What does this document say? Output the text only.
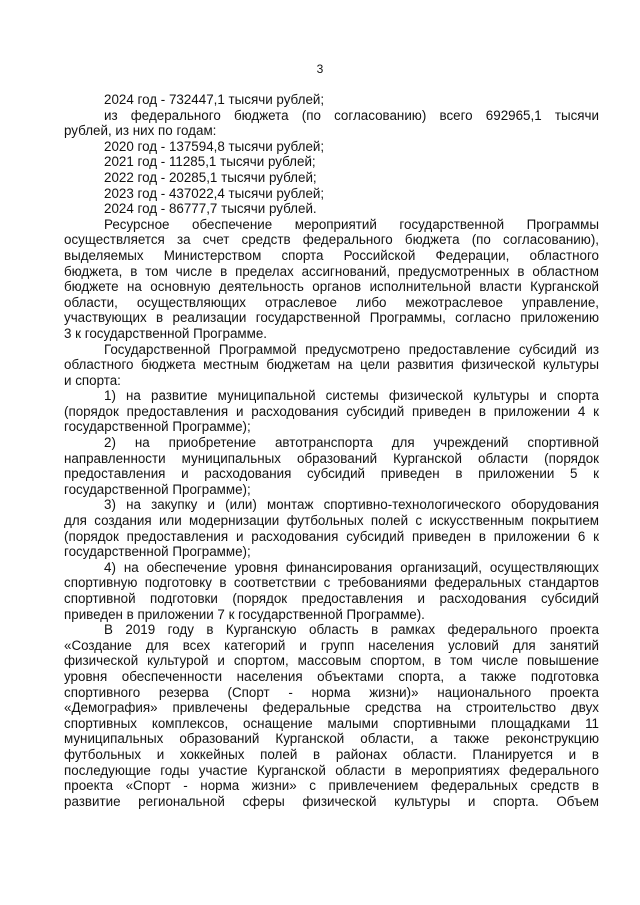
3
2024 год - 732447,1 тысячи рублей;
из федерального бюджета (по согласованию) всего 692965,1 тысячи
рублей, из них по годам:
2020 год - 137594,8 тысячи рублей;
2021 год - 11285,1 тысячи рублей;
2022 год - 20285,1 тысячи рублей;
2023 год - 437022,4 тысячи рублей;
2024 год - 86777,7 тысячи рублей.
Ресурсное обеспечение мероприятий государственной Программы
осуществляется за счет средств федерального бюджета (по согласованию),
выделяемых Министерством спорта Российской Федерации, областного
бюджета, в том числе в пределах ассигнований, предусмотренных в областном
бюджете на основную деятельность органов исполнительной власти Курганской
области, осуществляющих отраслевое либо межотраслевое управление,
участвующих в реализации государственной Программы, согласно приложению
3 к государственной Программе.
Государственной Программой предусмотрено предоставление субсидий из
областного бюджета местным бюджетам на цели развития физической культуры
и спорта:
1) на развитие муниципальной системы физической культуры и спорта
(порядок предоставления и расходования субсидий приведен в приложении 4 к
государственной Программе);
2) на приобретение автотранспорта для учреждений спортивной
направленности муниципальных образований Курганской области (порядок
предоставления и расходования субсидий приведен в приложении 5 к
государственной Программе);
3) на закупку и (или) монтаж спортивно-технологического оборудования
для создания или модернизации футбольных полей с искусственным покрытием
(порядок предоставления и расходования субсидий приведен в приложении 6 к
государственной Программе);
4) на обеспечение уровня финансирования организаций, осуществляющих
спортивную подготовку в соответствии с требованиями федеральных стандартов
спортивной подготовки (порядок предоставления и расходования субсидий
приведен в приложении 7 к государственной Программе).
В 2019 году в Курганскую область в рамках федерального проекта
«Создание для всех категорий и групп населения условий для занятий
физической культурой и спортом, массовым спортом, в том числе повышение
уровня обеспеченности населения объектами спорта, а также подготовка
спортивного резерва (Спорт - норма жизни)» национального проекта
«Демография» привлечены федеральные средства на строительство двух
спортивных комплексов, оснащение малыми спортивными площадками 11
муниципальных образований Курганской области, а также реконструкцию
футбольных и хоккейных полей в районах области. Планируется и в
последующие годы участие Курганской области в мероприятиях федерального
проекта «Спорт - норма жизни» с привлечением федеральных средств в
развитие региональной сферы физической культуры и спорта. Объем
